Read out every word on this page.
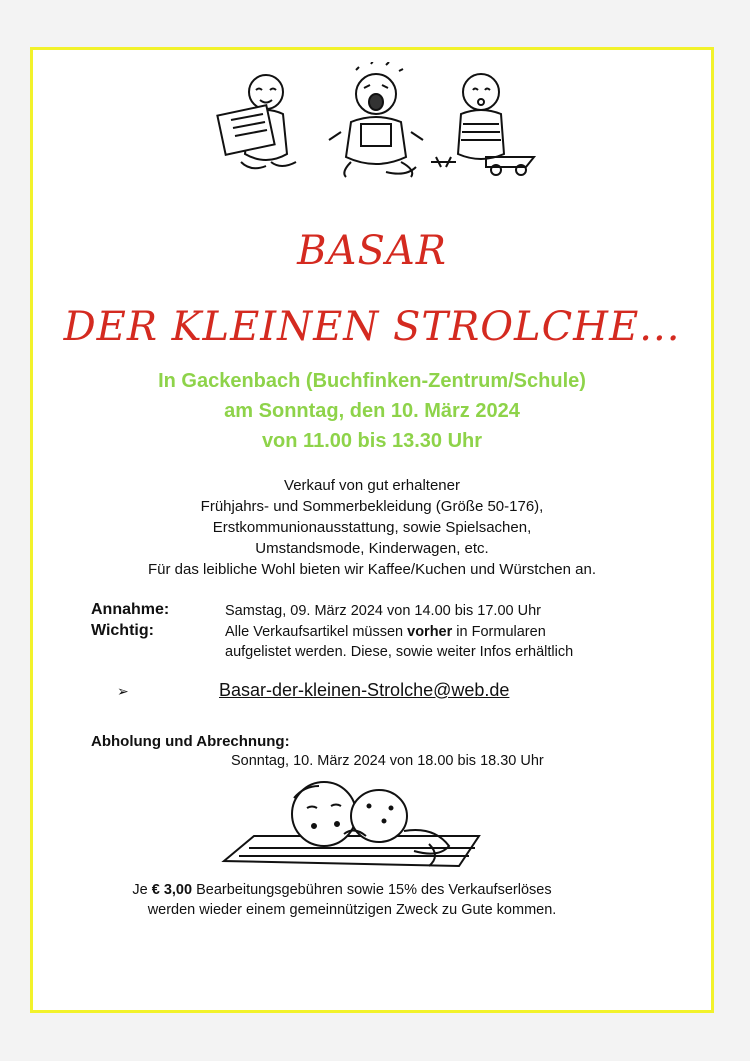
BASAR
DER KLEINEN STROLCHE...
In Gackenbach (Buchfinken-Zentrum/Schule)
am Sonntag, den 10. März 2024
von 11.00 bis 13.30 Uhr
Verkauf von gut erhaltener
Frühjahrs- und Sommerbekleidung (Größe 50-176),
Erstkommunionausstattung, sowie Spielsachen,
Umstandsmode, Kinderwagen, etc.
Für das leibliche Wohl bieten wir Kaffee/Kuchen und Würstchen an.
Annahme:	Samstag, 09. März 2024 von 14.00 bis 17.00 Uhr
Wichtig:	Alle Verkaufsartikel müssen vorher in Formularen
aufgelistet werden. Diese, sowie weiter Infos erhältlich
➢	Basar-der-kleinen-Strolche@web.de
Abholung und Abrechnung:
Sonntag, 10. März 2024 von 18.00 bis 18.30 Uhr
Je € 3,00 Bearbeitungsgebühren sowie 15% des Verkaufserlöses
werden wieder einem gemeinnützigen Zweck zu Gute kommen.
